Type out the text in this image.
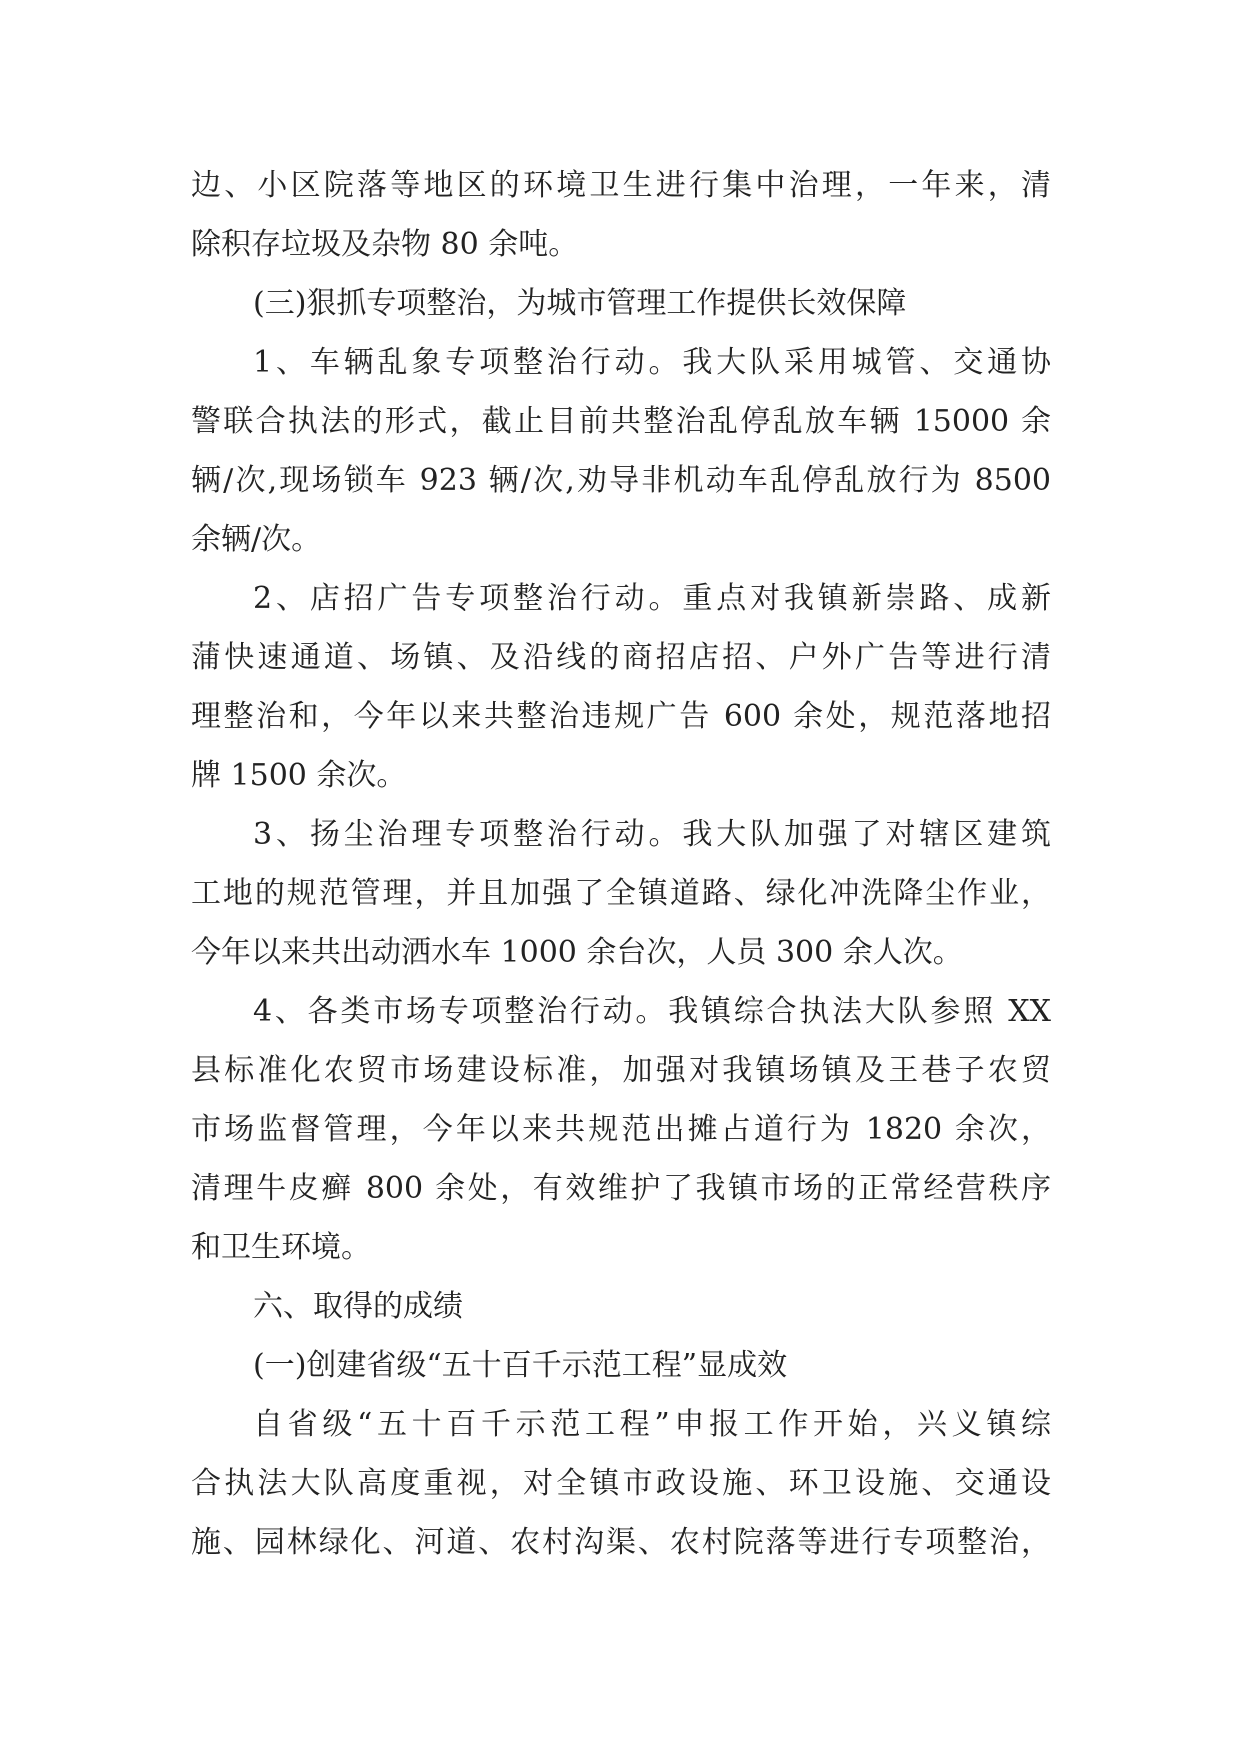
边、小区院落等地区的环境卫生进行集中治理，一年来，清
除积存垃圾及杂物 80 余吨。
(三)狠抓专项整治，为城市管理工作提供长效保障
1、车辆乱象专项整治行动。我大队采用城管、交通协
警联合执法的形式，截止目前共整治乱停乱放车辆 15000 余
辆/次,现场锁车 923 辆/次,劝导非机动车乱停乱放行为 8500
余辆/次。
2、店招广告专项整治行动。重点对我镇新崇路、成新
蒲快速通道、场镇、及沿线的商招店招、户外广告等进行清
理整治和，今年以来共整治违规广告 600 余处，规范落地招
牌 1500 余次。
3、扬尘治理专项整治行动。我大队加强了对辖区建筑
工地的规范管理，并且加强了全镇道路、绿化冲洗降尘作业，
今年以来共出动洒水车 1000 余台次，人员 300 余人次。
4、各类市场专项整治行动。我镇综合执法大队参照 XX
县标准化农贸市场建设标准，加强对我镇场镇及王巷子农贸
市场监督管理，今年以来共规范出摊占道行为 1820 余次，
清理牛皮癣 800 余处，有效维护了我镇市场的正常经营秩序
和卫生环境。
六、取得的成绩
(一)创建省级“五十百千示范工程”显成效
自省级“五十百千示范工程”申报工作开始，兴义镇综
合执法大队高度重视，对全镇市政设施、环卫设施、交通设
施、园林绿化、河道、农村沟渠、农村院落等进行专项整治，
